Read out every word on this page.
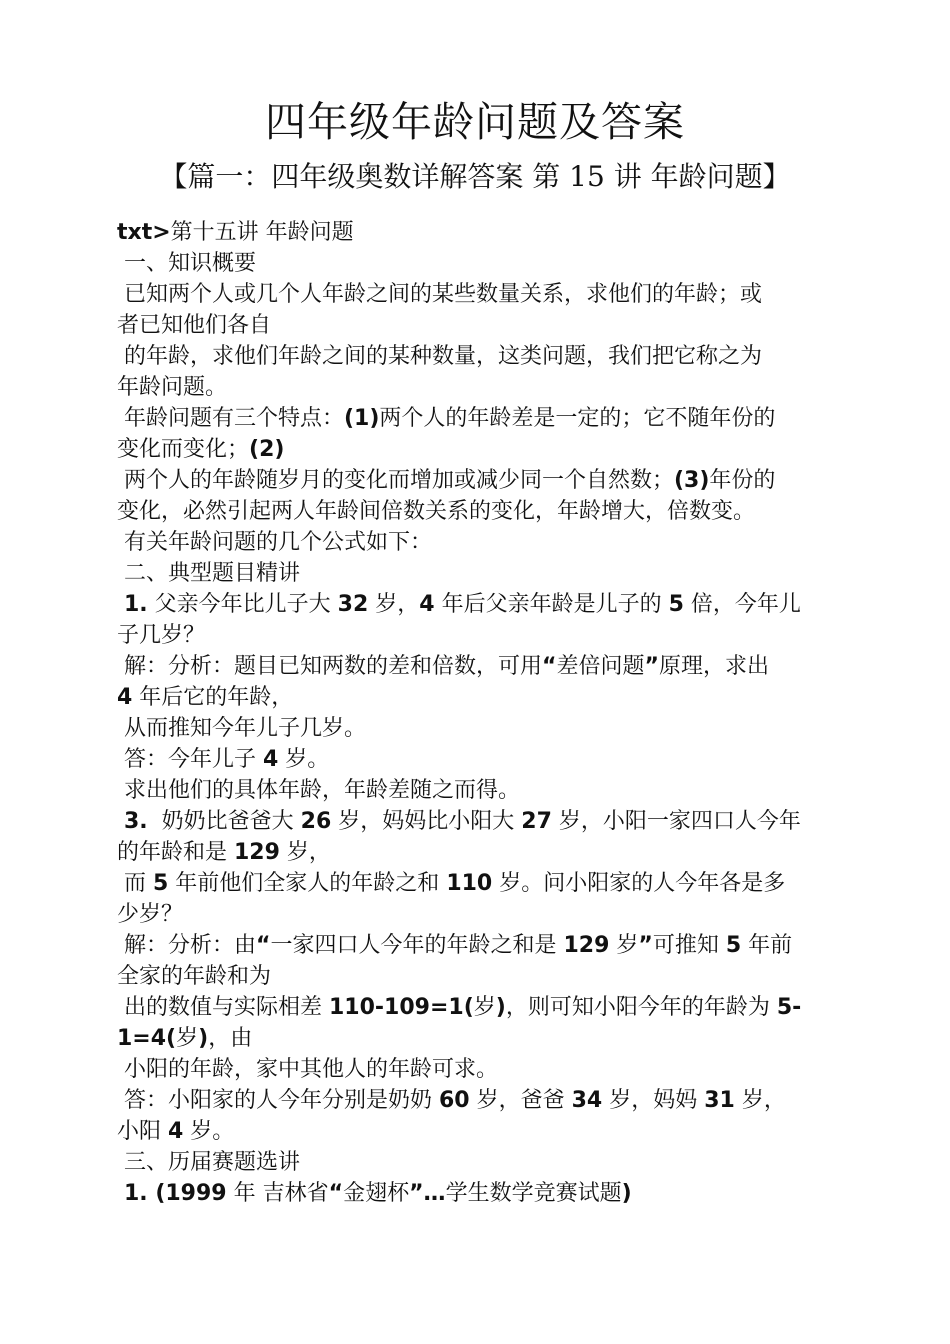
四年级年龄问题及答案
【篇一：四年级奥数详解答案 第 15 讲 年龄问题】
txt>第十五讲 年龄问题
一、知识概要
已知两个人或几个人年龄之间的某些数量关系，求他们的年龄；或
者已知他们各自
的年龄，求他们年龄之间的某种数量，这类问题，我们把它称之为
年龄问题。
年龄问题有三个特点：(1)两个人的年龄差是一定的；它不随年份的
变化而变化；(2)
两个人的年龄随岁月的变化而增加或减少同一个自然数；(3)年份的
变化，必然引起两人年龄间倍数关系的变化，年龄增大，倍数变。
有关年龄问题的几个公式如下：
二、典型题目精讲
1. 父亲今年比儿子大 32 岁，4 年后父亲年龄是儿子的 5 倍，今年儿
子几岁？
解：分析：题目已知两数的差和倍数，可用“差倍问题”原理，求出
4 年后它的年龄，
从而推知今年儿子几岁。
答：今年儿子 4 岁。
求出他们的具体年龄，年龄差随之而得。
3.  奶奶比爸爸大 26 岁，妈妈比小阳大 27 岁，小阳一家四口人今年
的年龄和是 129 岁，
而 5 年前他们全家人的年龄之和 110 岁。问小阳家的人今年各是多
少岁？
解：分析：由“一家四口人今年的年龄之和是 129 岁”可推知 5 年前
全家的年龄和为
出的数值与实际相差 110-109=1(岁)，则可知小阳今年的年龄为 5-
1=4(岁)，由
小阳的年龄，家中其他人的年龄可求。
答：小阳家的人今年分别是奶奶 60 岁，爸爸 34 岁，妈妈 31 岁，
小阳 4 岁。
三、历届赛题选讲
1. (1999 年 吉林省“金翅杯”…学生数学竞赛试题)
